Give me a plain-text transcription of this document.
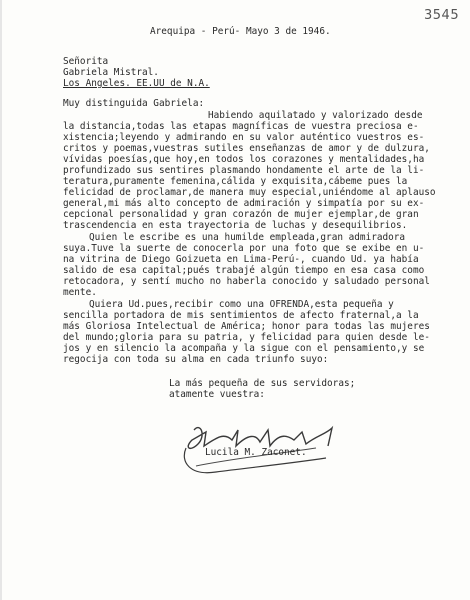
3545
Arequipa - Perú- Mayo 3 de 1946.
Señorita
Gabriela Mistral.
Los Angeles. EE.UU de N.A.
Muy distinguida Gabriela:
Habiendo aquilatado y valorizado desde
la distancia,todas las etapas magníficas de vuestra preciosa e-
xistencia;leyendo y admirando en su valor auténtico vuestros es-
critos y poemas,vuestras sutiles enseñanzas de amor y de dulzura,
vívidas poesías,que hoy,en todos los corazones y mentalidades,ha
profundizado sus sentires plasmando hondamente el arte de la li-
teratura,puramente femenina,cálida y exquisita,cábeme pues la
felicidad de proclamar,de manera muy especial,uniéndome al aplauso
general,mi más alto concepto de admiración y simpatía por su ex-
cepcional personalidad y gran corazón de mujer ejemplar,de gran
trascendencia en esta trayectoria de luchas y desequilibrios.
Quien le escribe es una humilde empleada,gran admiradora
suya.Tuve la suerte de conocerla por una foto que se exibe en u-
na vitrina de Diego Goizueta en Lima-Perú-, cuando Ud. ya había
salido de esa capital;pués trabajé algún tiempo en esa casa como
retocadora, y sentí mucho no haberla conocido y saludado personal
mente.
Quiera Ud.pues,recibir como una OFRENDA,esta pequeña y
sencilla portadora de mis sentimientos de afecto fraternal,a la
más Gloriosa Intelectual de América; honor para todas las mujeres
del mundo;gloria para su patria, y felicidad para quien desde le-
jos y en silencio la acompaña y la sigue con el pensamiento,y se
regocija con toda su alma en cada triunfo suyo:
La más pequeña de sus servidoras;
atamente vuestra:
Lucila M. Zaconet.
